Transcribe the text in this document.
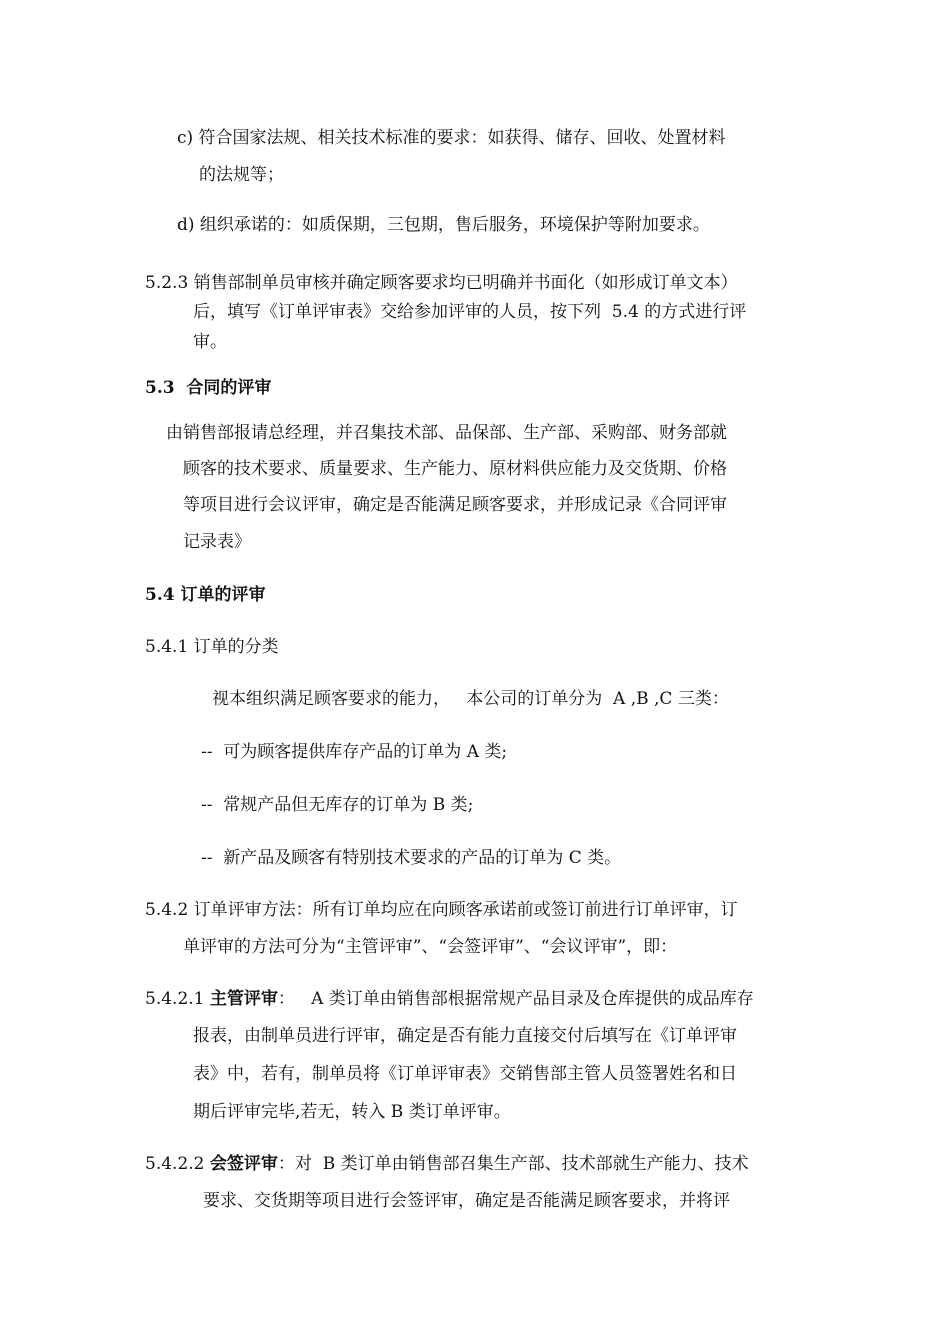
c) 符合国家法规、相关技术标准的要求：如获得、储存、回收、处置材料
的法规等；
d) 组织承诺的：如质保期，三包期，售后服务，环境保护等附加要求。
5.2.3 销售部制单员审核并确定顾客要求均已明确并书面化（如形成订单文本）
后，填写《订单评审表》交给参加评审的人员，按下列  5.4 的方式进行评
审。
5.3  合同的评审
由销售部报请总经理，并召集技术部、品保部、生产部、采购部、财务部就
顾客的技术要求、质量要求、生产能力、原材料供应能力及交货期、价格
等项目进行会议评审，确定是否能满足顾客要求，并形成记录《合同评审
记录表》
5.4 订单的评审
5.4.1 订单的分类
视本组织满足顾客要求的能力，   本公司的订单分为  A ,B ,C 三类：
--  可为顾客提供库存产品的订单为 A 类;
--  常规产品但无库存的订单为 B 类;
--  新产品及顾客有特别技术要求的产品的订单为 C 类。
5.4.2 订单评审方法：所有订单均应在向顾客承诺前或签订前进行订单评审，订
单评审的方法可分为“主管评审”、“会签评审”、“会议评审”，即：
5.4.2.1 主管评审：   A 类订单由销售部根据常规产品目录及仓库提供的成品库存
报表，由制单员进行评审，确定是否有能力直接交付后填写在《订单评审
表》中，若有，制单员将《订单评审表》交销售部主管人员签署姓名和日
期后评审完毕,若无，转入 B 类订单评审。
5.4.2.2 会签评审：对  B 类订单由销售部召集生产部、技术部就生产能力、技术
要求、交货期等项目进行会签评审，确定是否能满足顾客要求，并将评
